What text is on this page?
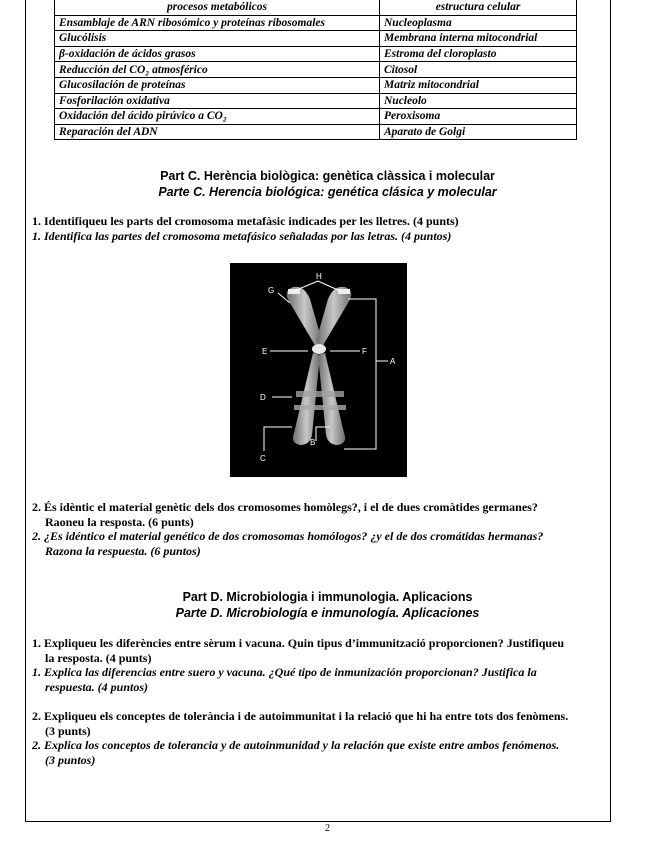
procesos metabólicos	estructura celular
Ensamblaje de ARN ribosómico y proteínas ribosomales	Nucleoplasma
Glucólisis	Membrana interna mitocondrial
β-oxidación de ácidos grasos	Estroma del cloroplasto
Reducción del CO₂ atmosférico	Citosol
Glucosilación de proteínas	Matriz mitocondrial
Fosforilación oxidativa	Nucleolo
Oxidación del ácido pirúvico a CO₂	Peroxisoma
Reparación del ADN	Aparato de Golgi
Part C. Herència biològica: genètica clàssica i molecular
Parte C. Herencia biológica: genética clásica y molecular
1. Identifiqueu les parts del cromosoma metafàsic indicades per les lletres. (4 punts)
1. Identifica las partes del cromosoma metafásico señaladas por las letras. (4 puntos)
H
G
E	F
A
D
B
C
2. És idèntic el material genètic dels dos cromosomes homòlegs?, i el de dues cromàtides germanes?
Raoneu la resposta. (6 punts)
2. ¿Es idéntico el material genético de dos cromosomas homólogos? ¿y el de dos cromátidas hermanas?
Razona la respuesta. (6 puntos)
Part D. Microbiologia i immunologia. Aplicacions
Parte D. Microbiología e inmunología. Aplicaciones
1. Expliqueu les diferències entre sèrum i vacuna. Quin tipus d’immunització proporcionen? Justifiqueu
la resposta. (4 punts)
1. Explica las diferencias entre suero y vacuna. ¿Qué tipo de inmunización proporcionan? Justifica la
respuesta. (4 puntos)
2. Expliqueu els conceptes de tolerància i de autoimmunitat i la relació que hi ha entre tots dos fenòmens.
(3 punts)
2. Explica los conceptos de tolerancia y de autoinmunidad y la relación que existe entre ambos fenómenos.
(3 puntos)
2
